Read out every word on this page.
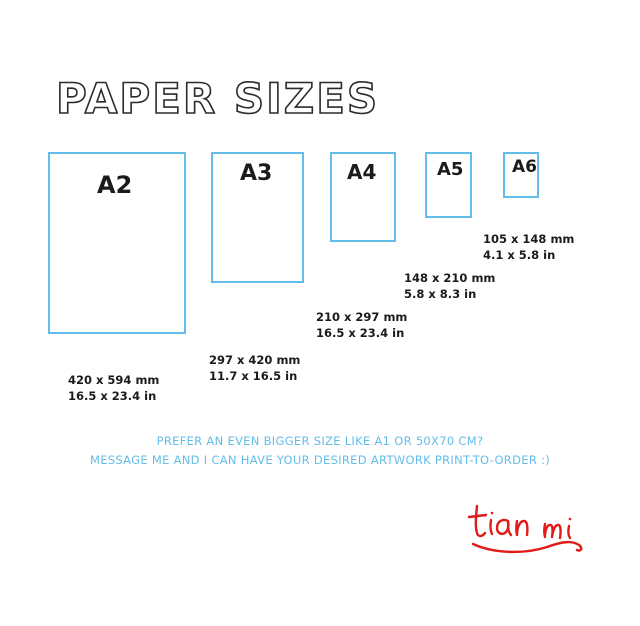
PAPER SIZES
A2
420 x 594 mm
16.5 x 23.4 in
A3
297 x 420 mm
11.7 x 16.5 in
A4
210 x 297 mm
16.5 x 23.4 in
A5
148 x 210 mm
5.8 x 8.3 in
A6
105 x 148 mm
4.1 x 5.8 in
PREFER AN EVEN BIGGER SIZE LIKE A1 OR 50X70 CM?
MESSAGE ME AND I CAN HAVE YOUR DESIRED ARTWORK PRINT-TO-ORDER :)
